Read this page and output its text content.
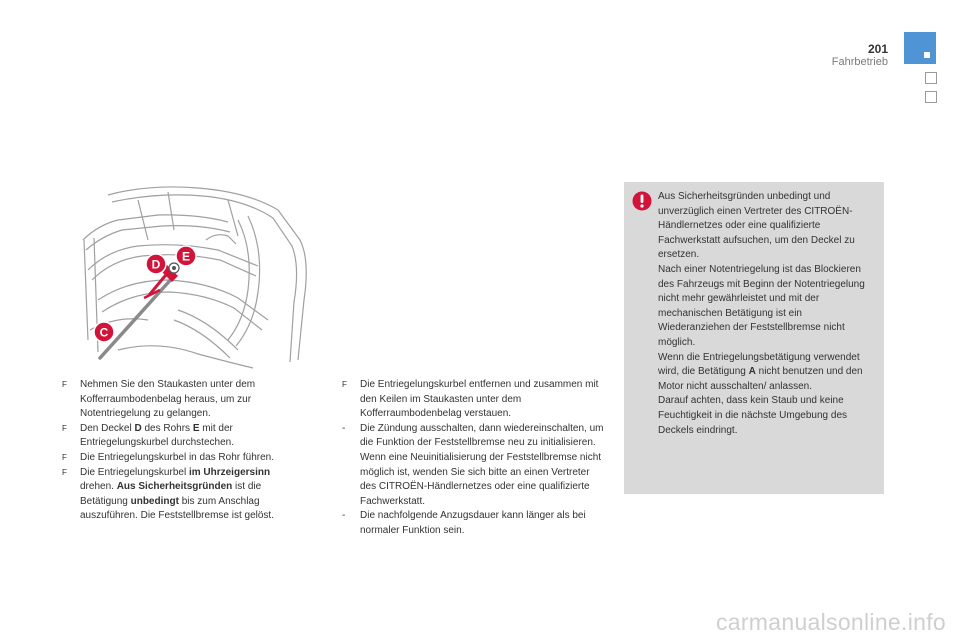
201
Fahrbetrieb
D
E
C
F	Nehmen Sie den Staukasten unter dem Kofferraumbodenbelag heraus, um zur Notentriegelung zu gelangen.
F	Den Deckel D des Rohrs E mit der Entriegelungskurbel durchstechen.
F	Die Entriegelungskurbel in das Rohr führen.
F	Die Entriegelungskurbel im Uhrzeigersinn drehen. Aus Sicherheitsgründen ist die Betätigung unbedingt bis zum Anschlag auszuführen. Die Feststellbremse ist gelöst.
F	Die Entriegelungskurbel entfernen und zusammen mit den Keilen im Staukasten unter dem Kofferraumbodenbelag verstauen.
-	Die Zündung ausschalten, dann wiedereinschalten, um die Funktion der Feststellbremse neu zu initialisieren. Wenn eine Neuinitialisierung der Feststellbremse nicht möglich ist, wenden Sie sich bitte an einen Vertreter des CITROËN-Händlernetzes oder eine qualifizierte Fachwerkstatt.
-	Die nachfolgende Anzugsdauer kann länger als bei normaler Funktion sein.
Aus Sicherheitsgründen unbedingt und unverzüglich einen Vertreter des CITROËN-Händlernetzes oder eine qualifizierte Fachwerkstatt aufsuchen, um den Deckel zu ersetzen.
Nach einer Notentriegelung ist das Blockieren des Fahrzeugs mit Beginn der Notentriegelung nicht mehr gewährleistet und mit der mechanischen Betätigung ist ein Wiederanziehen der Feststellbremse nicht möglich.
Wenn die Entriegelungsbetätigung verwendet wird, die Betätigung A nicht benutzen und den Motor nicht ausschalten/ anlassen.
Darauf achten, dass kein Staub und keine Feuchtigkeit in die nächste Umgebung des Deckels eindringt.
carmanualsonline.info
